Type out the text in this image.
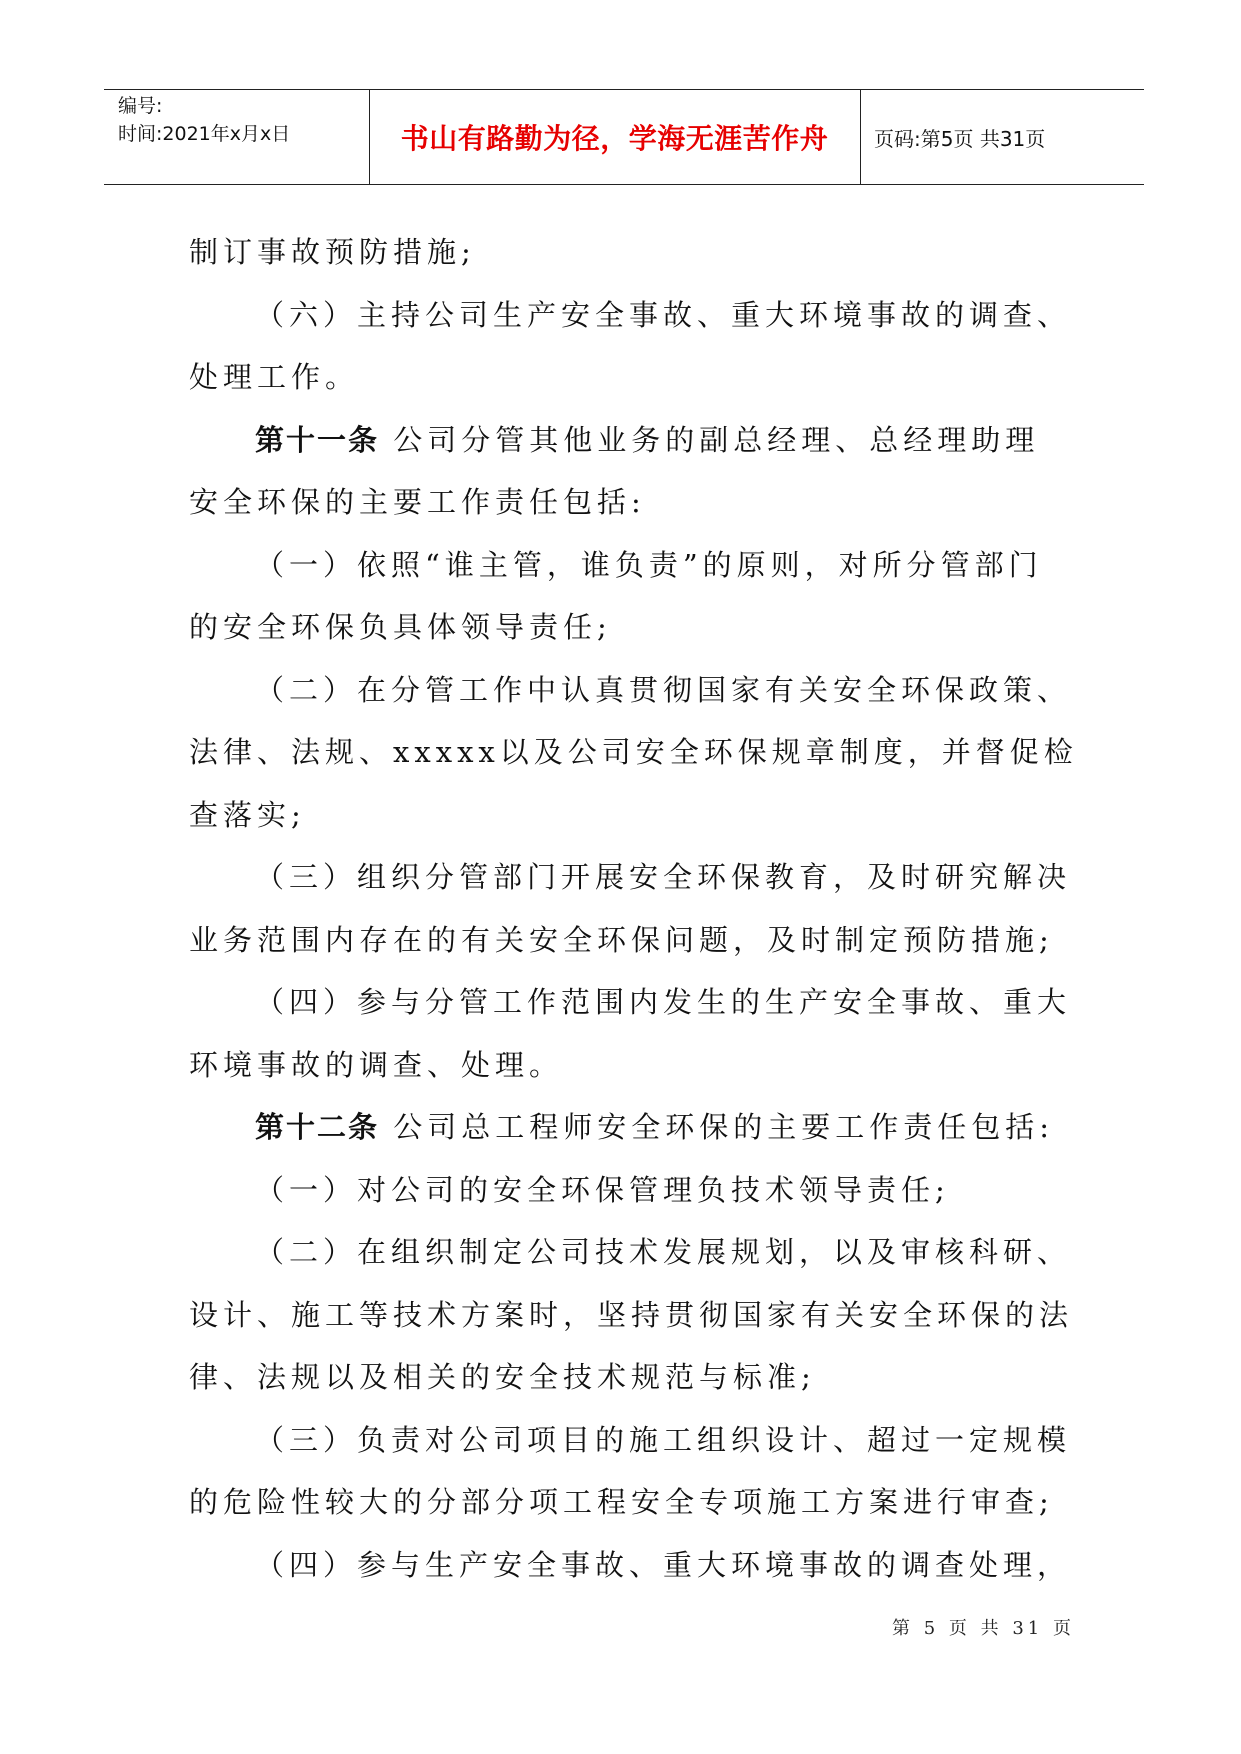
编号:
时间:2021年x月x日	书山有路勤为径，学海无涯苦作舟	页码:第5页 共31页

制订事故预防措施;

（六）主持公司生产安全事故、重大环境事故的调查、

处理工作。

第十一条 公司分管其他业务的副总经理、总经理助理

安全环保的主要工作责任包括:

（一）依照“谁主管，谁负责”的原则，对所分管部门

的安全环保负具体领导责任;

（二）在分管工作中认真贯彻国家有关安全环保政策、

法律、法规、xxxxx以及公司安全环保规章制度，并督促检

查落实;

（三）组织分管部门开展安全环保教育，及时研究解决

业务范围内存在的有关安全环保问题，及时制定预防措施;

（四）参与分管工作范围内发生的生产安全事故、重大

环境事故的调查、处理。

第十二条 公司总工程师安全环保的主要工作责任包括:

（一）对公司的安全环保管理负技术领导责任;

（二）在组织制定公司技术发展规划，以及审核科研、

设计、施工等技术方案时，坚持贯彻国家有关安全环保的法

律、法规以及相关的安全技术规范与标准;

（三）负责对公司项目的施工组织设计、超过一定规模

的危险性较大的分部分项工程安全专项施工方案进行审查;

（四）参与生产安全事故、重大环境事故的调查处理，

第 5 页 共 31 页
